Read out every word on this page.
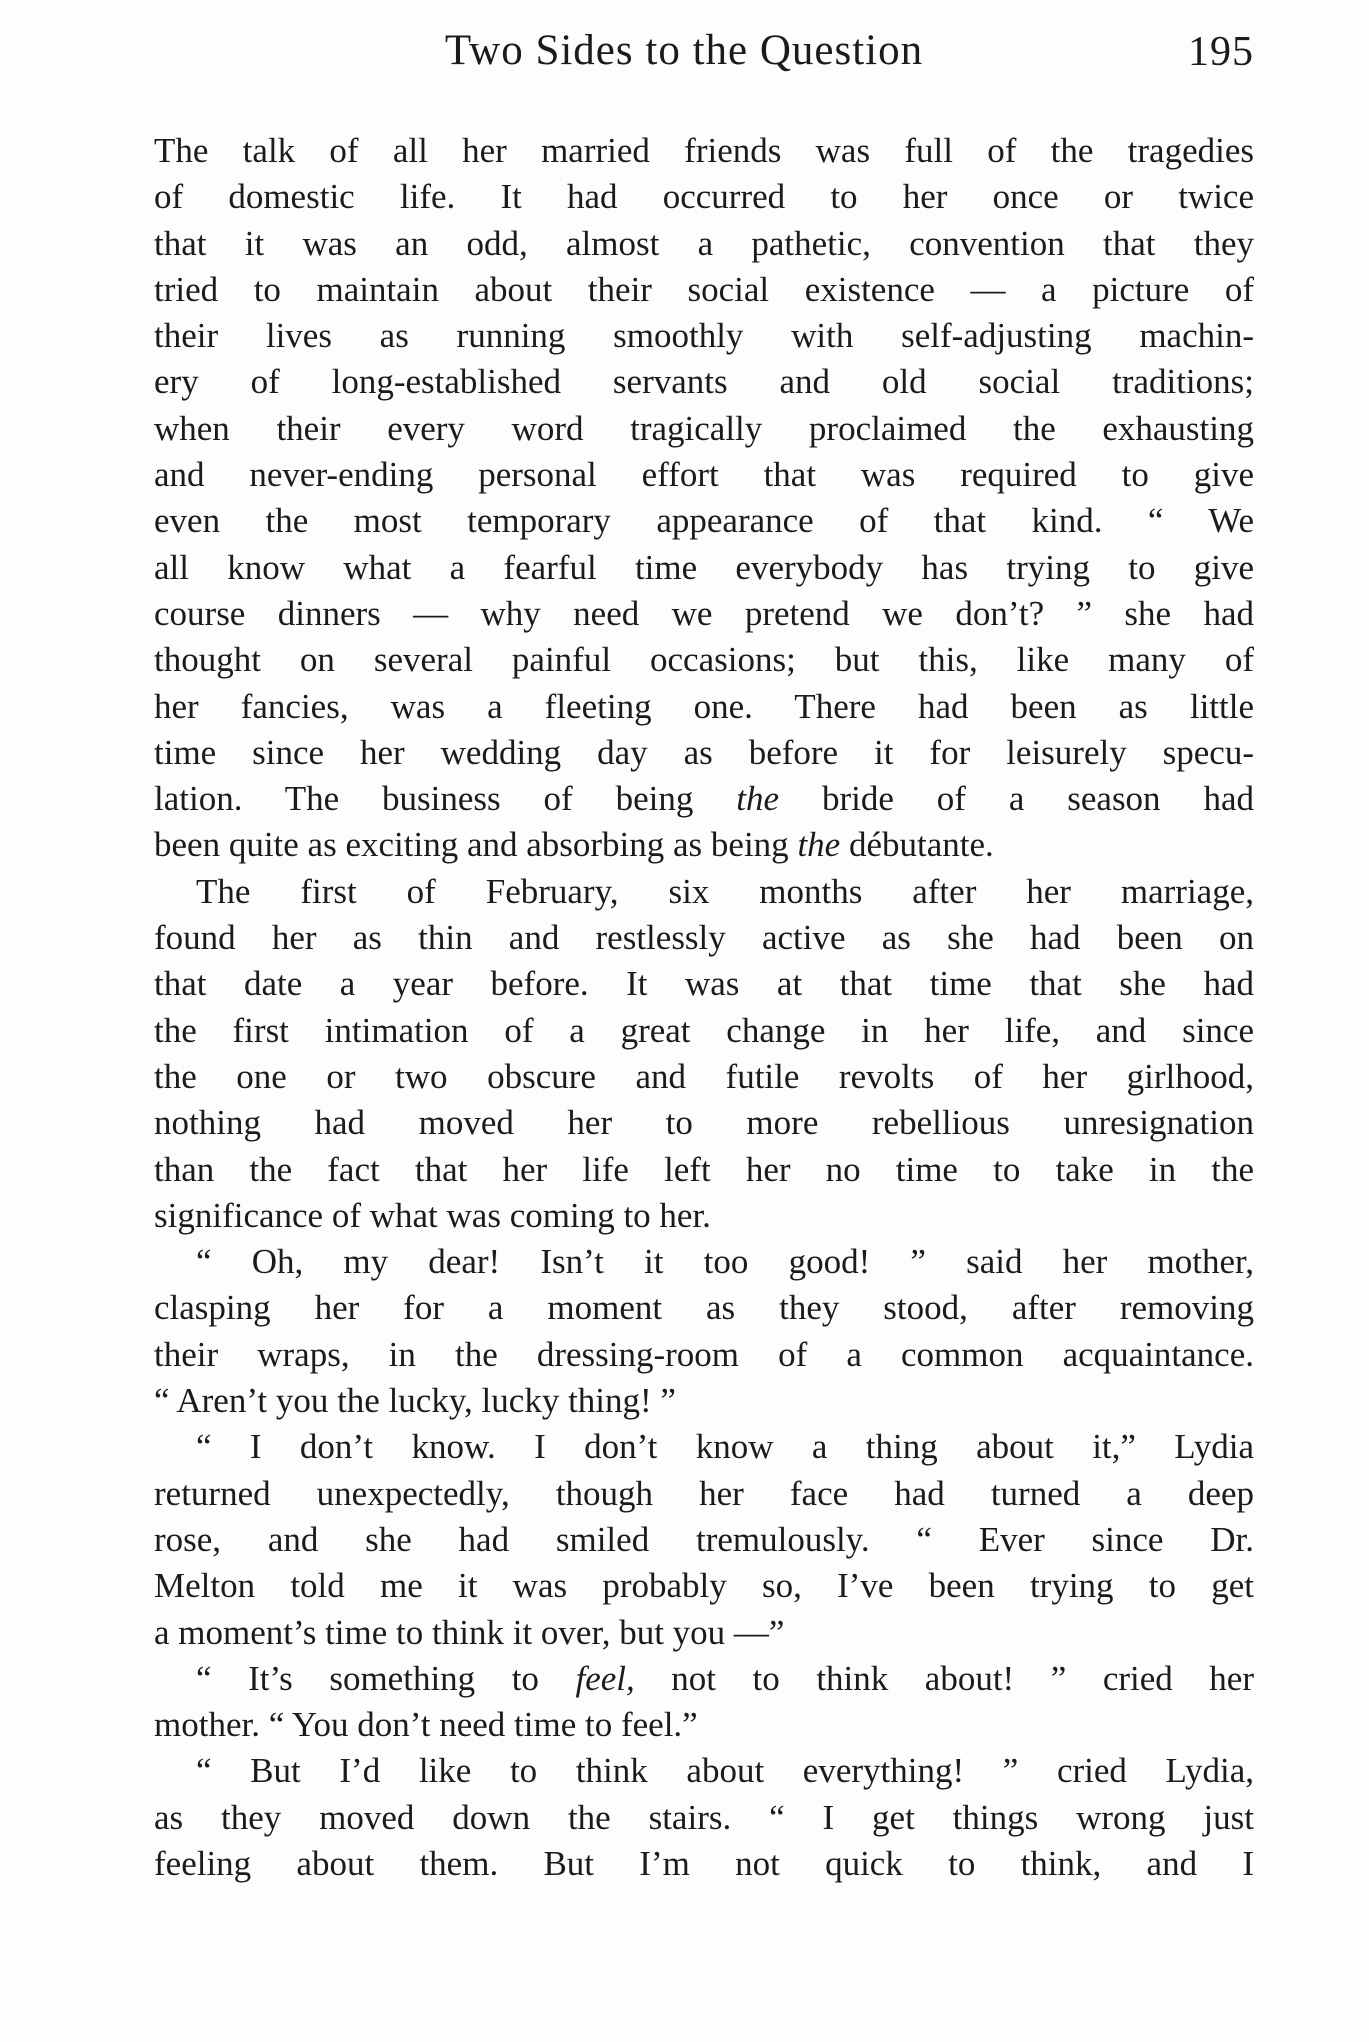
Two Sides to the Question	195
The talk of all her married friends was full of the tragedies
of domestic life. It had occurred to her once or twice
that it was an odd, almost a pathetic, convention that they
tried to maintain about their social existence — a picture of
their lives as running smoothly with self-adjusting machin-
ery of long-established servants and old social traditions;
when their every word tragically proclaimed the exhausting
and never-ending personal effort that was required to give
even the most temporary appearance of that kind. “ We
all know what a fearful time everybody has trying to give
course dinners — why need we pretend we don’t? ” she had
thought on several painful occasions; but this, like many of
her fancies, was a fleeting one. There had been as little
time since her wedding day as before it for leisurely specu-
lation. The business of being the bride of a season had
been quite as exciting and absorbing as being the débutante.
The first of February, six months after her marriage,
found her as thin and restlessly active as she had been on
that date a year before. It was at that time that she had
the first intimation of a great change in her life, and since
the one or two obscure and futile revolts of her girlhood,
nothing had moved her to more rebellious unresignation
than the fact that her life left her no time to take in the
significance of what was coming to her.
“ Oh, my dear! Isn’t it too good! ” said her mother,
clasping her for a moment as they stood, after removing
their wraps, in the dressing-room of a common acquaintance.
“ Aren’t you the lucky, lucky thing! ”
“ I don’t know. I don’t know a thing about it,” Lydia
returned unexpectedly, though her face had turned a deep
rose, and she had smiled tremulously. “ Ever since Dr.
Melton told me it was probably so, I’ve been trying to get
a moment’s time to think it over, but you —”
“ It’s something to feel, not to think about! ” cried her
mother. “ You don’t need time to feel.”
“ But I’d like to think about everything! ” cried Lydia,
as they moved down the stairs. “ I get things wrong just
feeling about them. But I’m not quick to think, and I
